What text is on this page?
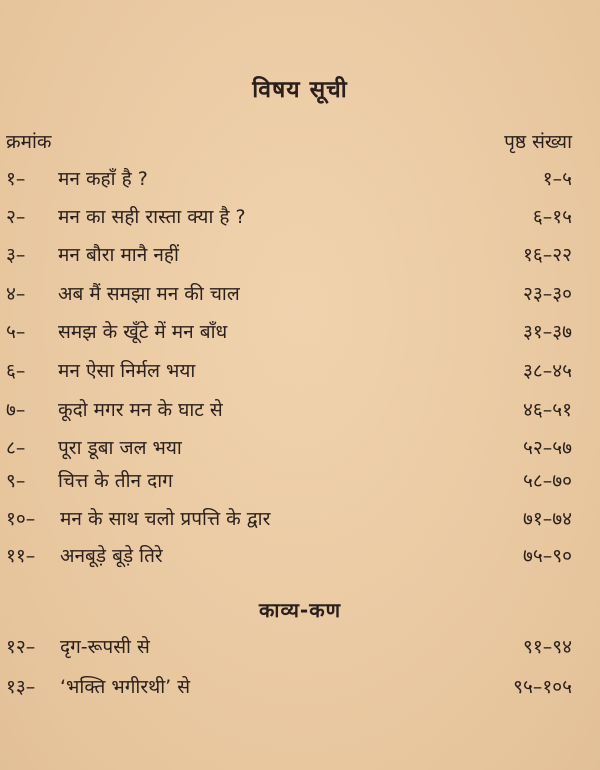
विषय सूची
क्रमांक	पृष्ठ संख्या
१– मन कहाँ है ?	१–५
२– मन का सही रास्ता क्या है ?	६–१५
३– मन बौरा मानै नहीं	१६–२२
४– अब मैं समझा मन की चाल	२३–३०
५– समझ के खूँटे में मन बाँध	३१–३७
६– मन ऐसा निर्मल भया	३८–४५
७– कूदो मगर मन के घाट से	४६–५१
८– पूरा डूबा जल भया	५२–५७
९– चित्त के तीन दाग	५८–७०
१०– मन के साथ चलो प्रपत्ति के द्वार	७१–७४
११– अनबूड़े बूड़े तिरे	७५–९०
काव्य-कण
१२– दृग-रूपसी से	९१–९४
१३– ‘भक्ति भगीरथी’ से	९५–१०५
